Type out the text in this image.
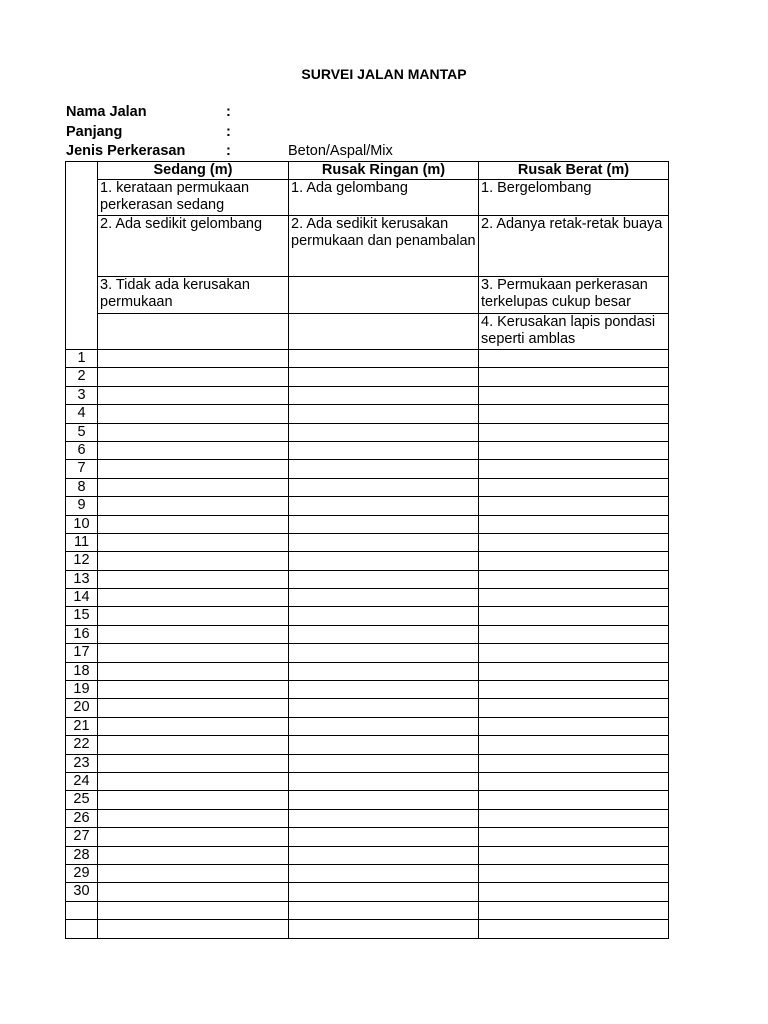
SURVEI JALAN MANTAP
Nama Jalan	:
Panjang	:
Jenis Perkerasan	:	Beton/Aspal/Mix
	Sedang (m)	Rusak Ringan (m)	Rusak Berat (m)
	1. kerataan permukaan perkerasan sedang	1. Ada gelombang	1. Bergelombang
	2. Ada sedikit gelombang	2. Ada sedikit kerusakan permukaan dan penambalan	2. Adanya retak-retak buaya
	3. Tidak ada kerusakan permukaan		3. Permukaan perkerasan terkelupas cukup besar
			4. Kerusakan lapis pondasi seperti amblas
1			
2			
3			
4			
5			
6			
7			
8			
9			
10			
11			
12			
13			
14			
15			
16			
17			
18			
19			
20			
21			
22			
23			
24			
25			
26			
27			
28			
29			
30			
